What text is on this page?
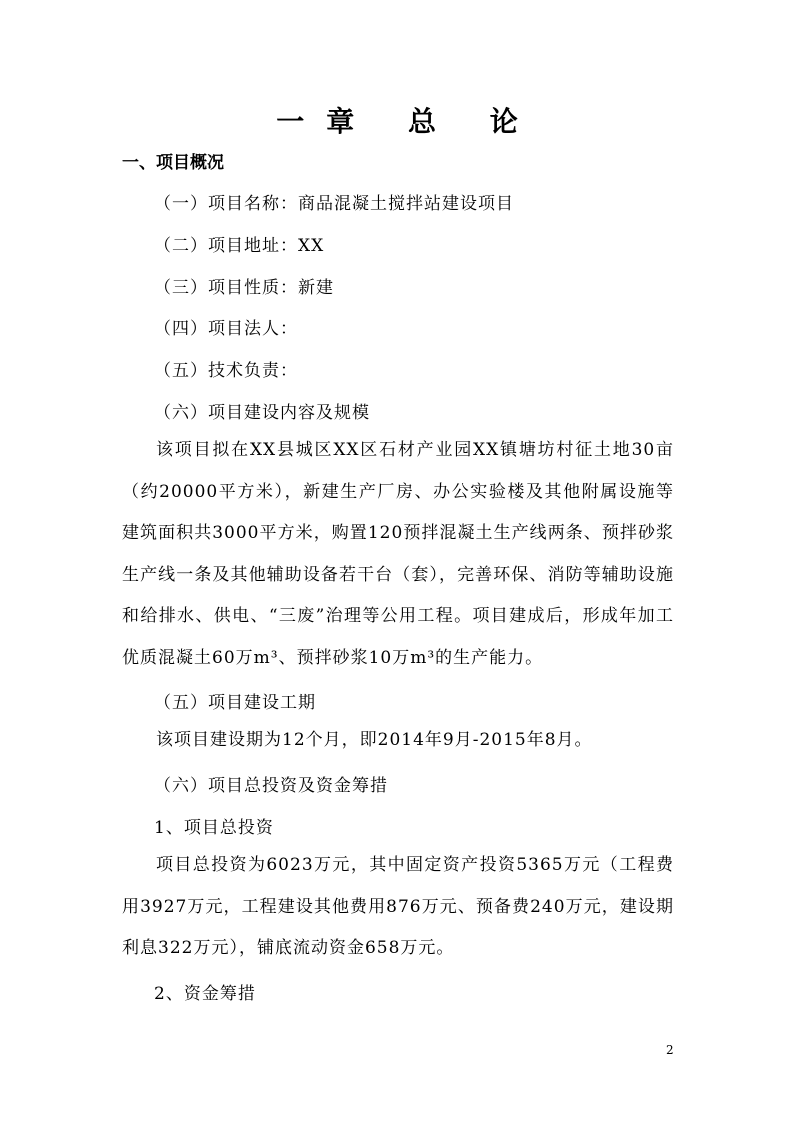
一章 总 论
一、项目概况
（一）项目名称：商品混凝土搅拌站建设项目
（二）项目地址：XX
（三）项目性质：新建
（四）项目法人：
（五）技术负责：
（六）项目建设内容及规模
该项目拟在XX县城区XX区石材产业园XX镇塘坊村征土地30亩（约20000平方米），新建生产厂房、办公实验楼及其他附属设施等建筑面积共3000平方米，购置120预拌混凝土生产线两条、预拌砂浆生产线一条及其他辅助设备若干台（套），完善环保、消防等辅助设施和给排水、供电、“三废”治理等公用工程。项目建成后，形成年加工优质混凝土60万m³、预拌砂浆10万m³的生产能力。
（五）项目建设工期
该项目建设期为12个月，即2014年9月-2015年8月。
（六）项目总投资及资金筹措
1、项目总投资
项目总投资为6023万元，其中固定资产投资5365万元（工程费用3927万元，工程建设其他费用876万元、预备费240万元，建设期利息322万元），铺底流动资金658万元。
2、资金筹措
2
